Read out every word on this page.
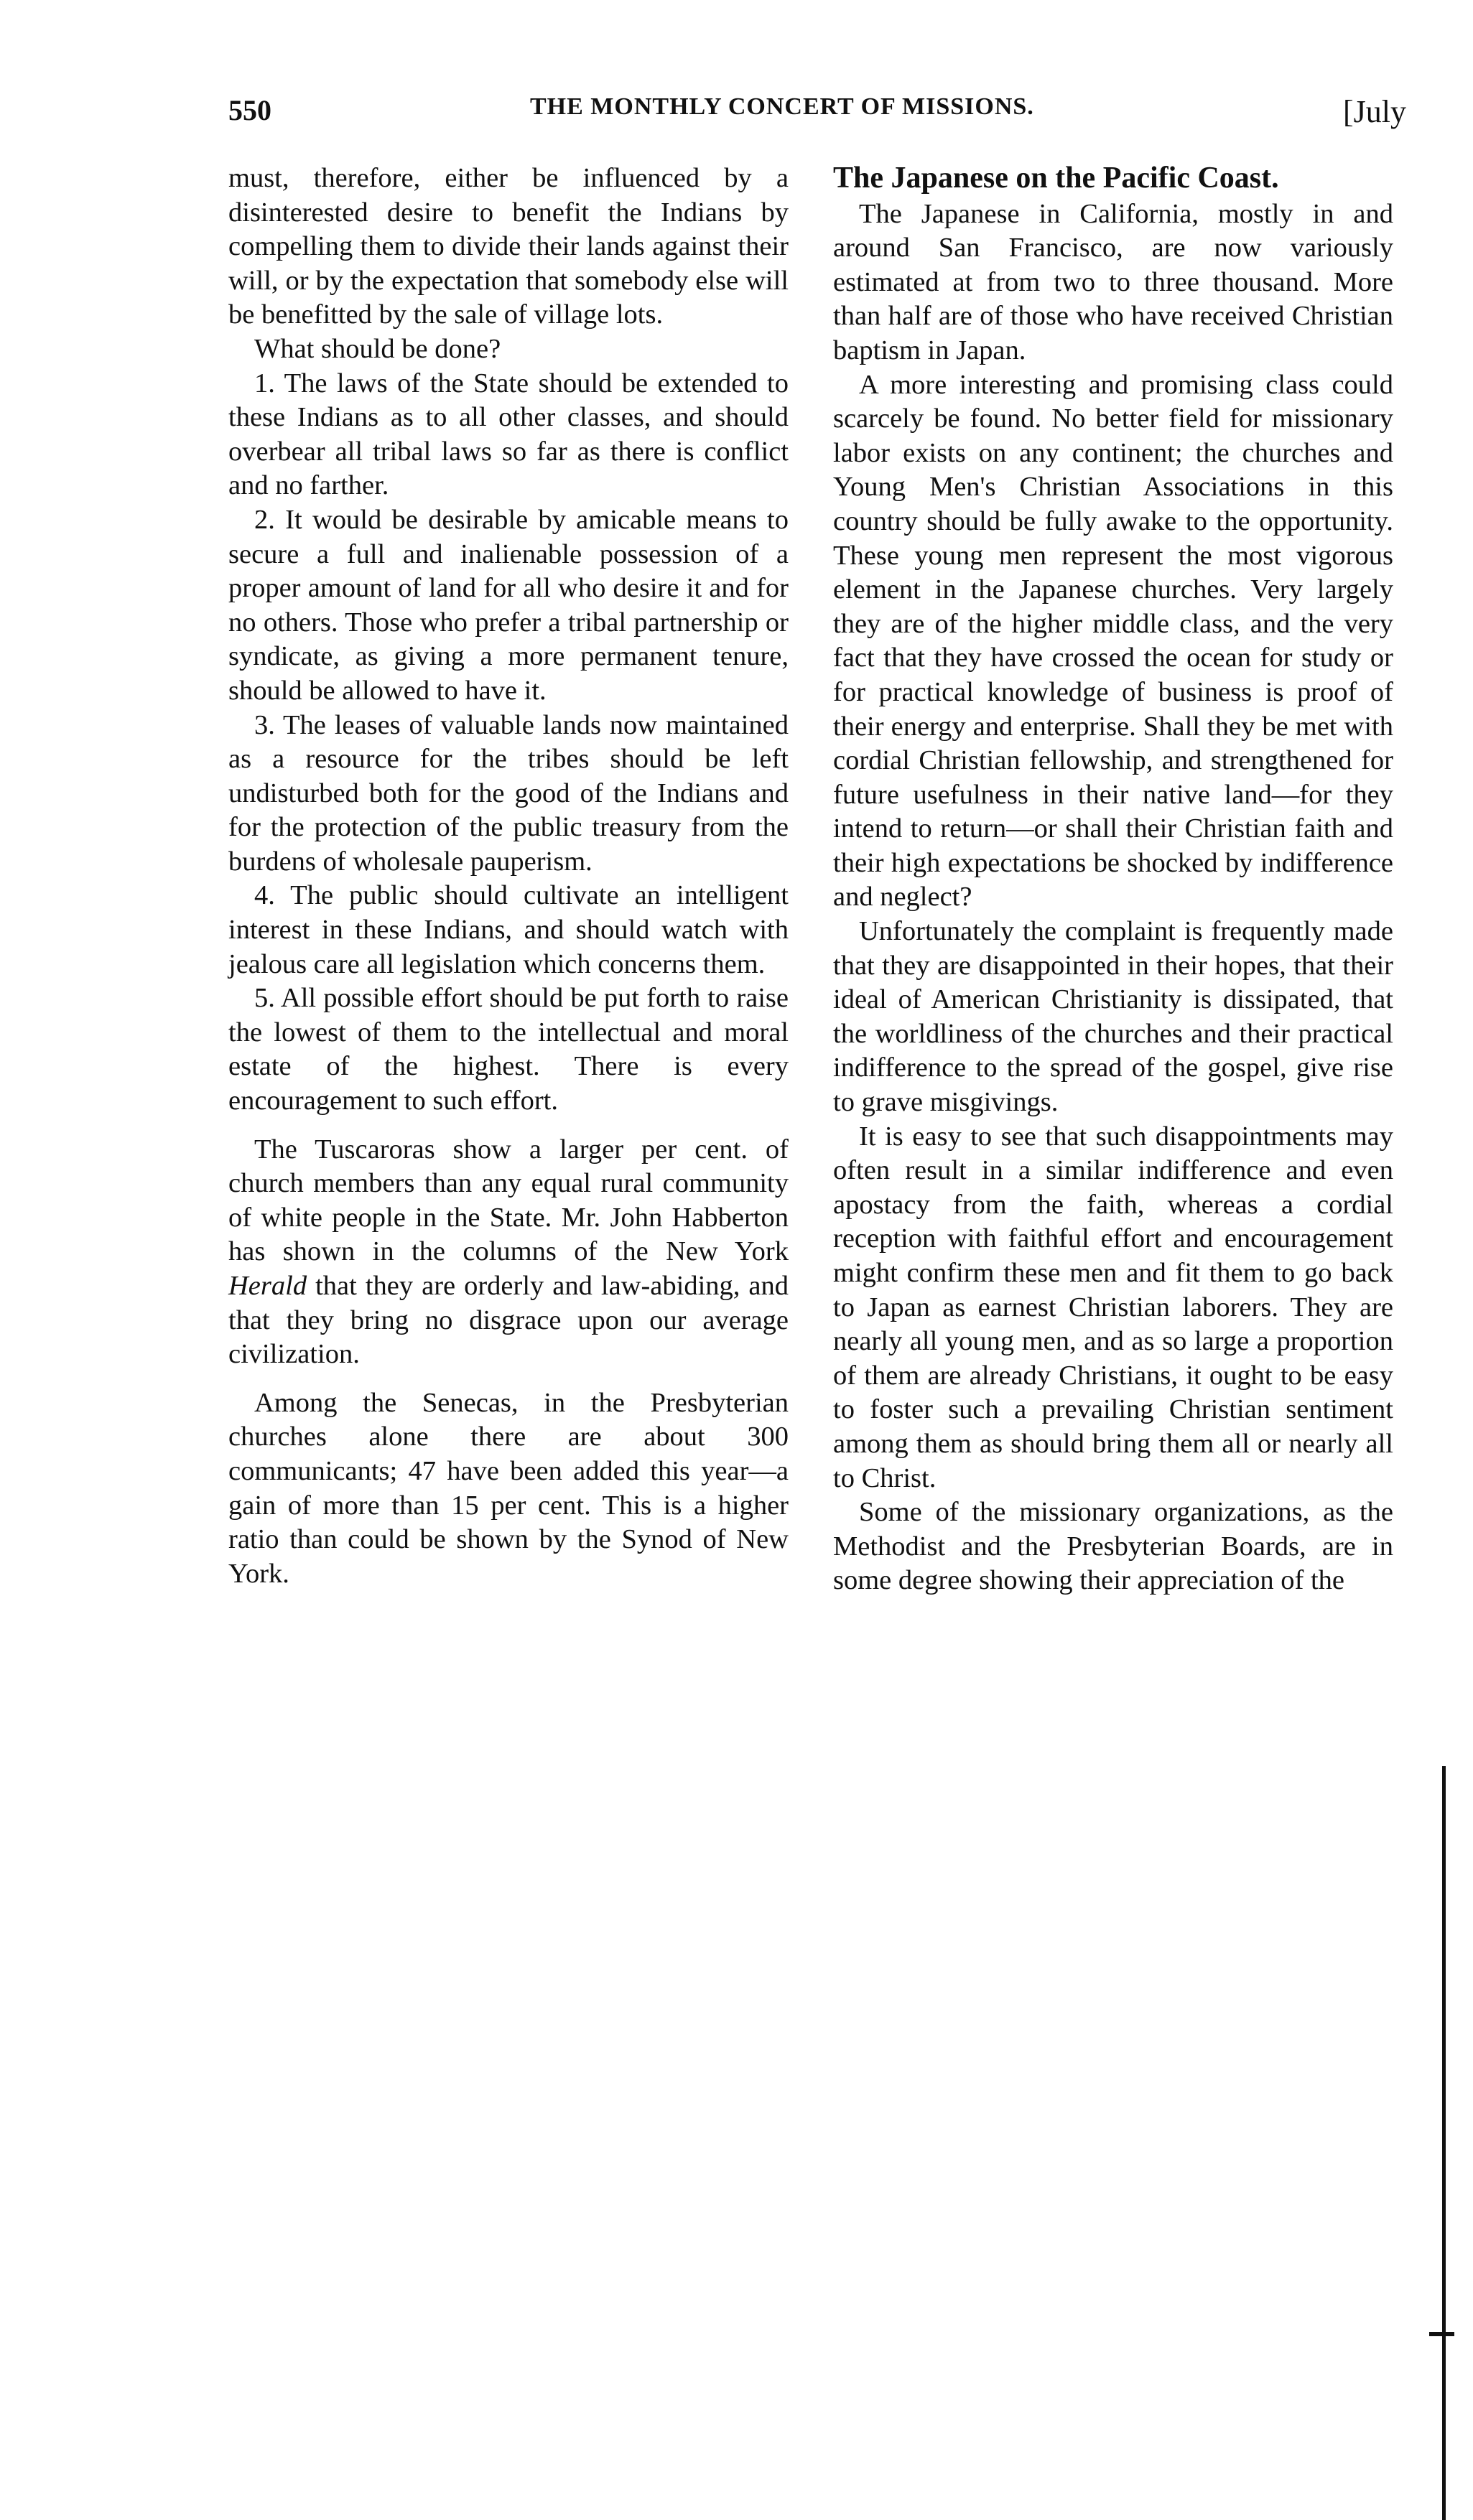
550	THE MONTHLY CONCERT OF MISSIONS.	[July

must, therefore, either be influenced by a disinterested desire to benefit the Indians by compelling them to divide their lands against their will, or by the expectation that somebody else will be benefitted by the sale of village lots.

What should be done?

1. The laws of the State should be extended to these Indians as to all other classes, and should overbear all tribal laws so far as there is conflict and no farther.

2. It would be desirable by amicable means to secure a full and inalienable possession of a proper amount of land for all who desire it and for no others. Those who prefer a tribal partnership or syndicate, as giving a more permanent tenure, should be allowed to have it.

3. The leases of valuable lands now maintained as a resource for the tribes should be left undisturbed both for the good of the Indians and for the protection of the public treasury from the burdens of wholesale pauperism.

4. The public should cultivate an intelligent interest in these Indians, and should watch with jealous care all legislation which concerns them.

5. All possible effort should be put forth to raise the lowest of them to the intellectual and moral estate of the highest. There is every encouragement to such effort.

The Tuscaroras show a larger per cent. of church members than any equal rural community of white people in the State. Mr. John Habberton has shown in the columns of the New York Herald that they are orderly and law-abiding, and that they bring no disgrace upon our average civilization.

Among the Senecas, in the Presbyterian churches alone there are about 300 communicants; 47 have been added this year—a gain of more than 15 per cent. This is a higher ratio than could be shown by the Synod of New York.

The Japanese on the Pacific Coast.

The Japanese in California, mostly in and around San Francisco, are now variously estimated at from two to three thousand. More than half are of those who have received Christian baptism in Japan.

A more interesting and promising class could scarcely be found. No better field for missionary labor exists on any continent; the churches and Young Men's Christian Associations in this country should be fully awake to the opportunity. These young men represent the most vigorous element in the Japanese churches. Very largely they are of the higher middle class, and the very fact that they have crossed the ocean for study or for practical knowledge of business is proof of their energy and enterprise. Shall they be met with cordial Christian fellowship, and strengthened for future usefulness in their native land—for they intend to return—or shall their Christian faith and their high expectations be shocked by indifference and neglect?

Unfortunately the complaint is frequently made that they are disappointed in their hopes, that their ideal of American Christianity is dissipated, that the worldliness of the churches and their practical indifference to the spread of the gospel, give rise to grave misgivings.

It is easy to see that such disappointments may often result in a similar indifference and even apostacy from the faith, whereas a cordial reception with faithful effort and encouragement might confirm these men and fit them to go back to Japan as earnest Christian laborers. They are nearly all young men, and as so large a proportion of them are already Christians, it ought to be easy to foster such a prevailing Christian sentiment among them as should bring them all or nearly all to Christ.

Some of the missionary organizations, as the Methodist and the Presbyterian Boards, are in some degree showing their appreciation of the
